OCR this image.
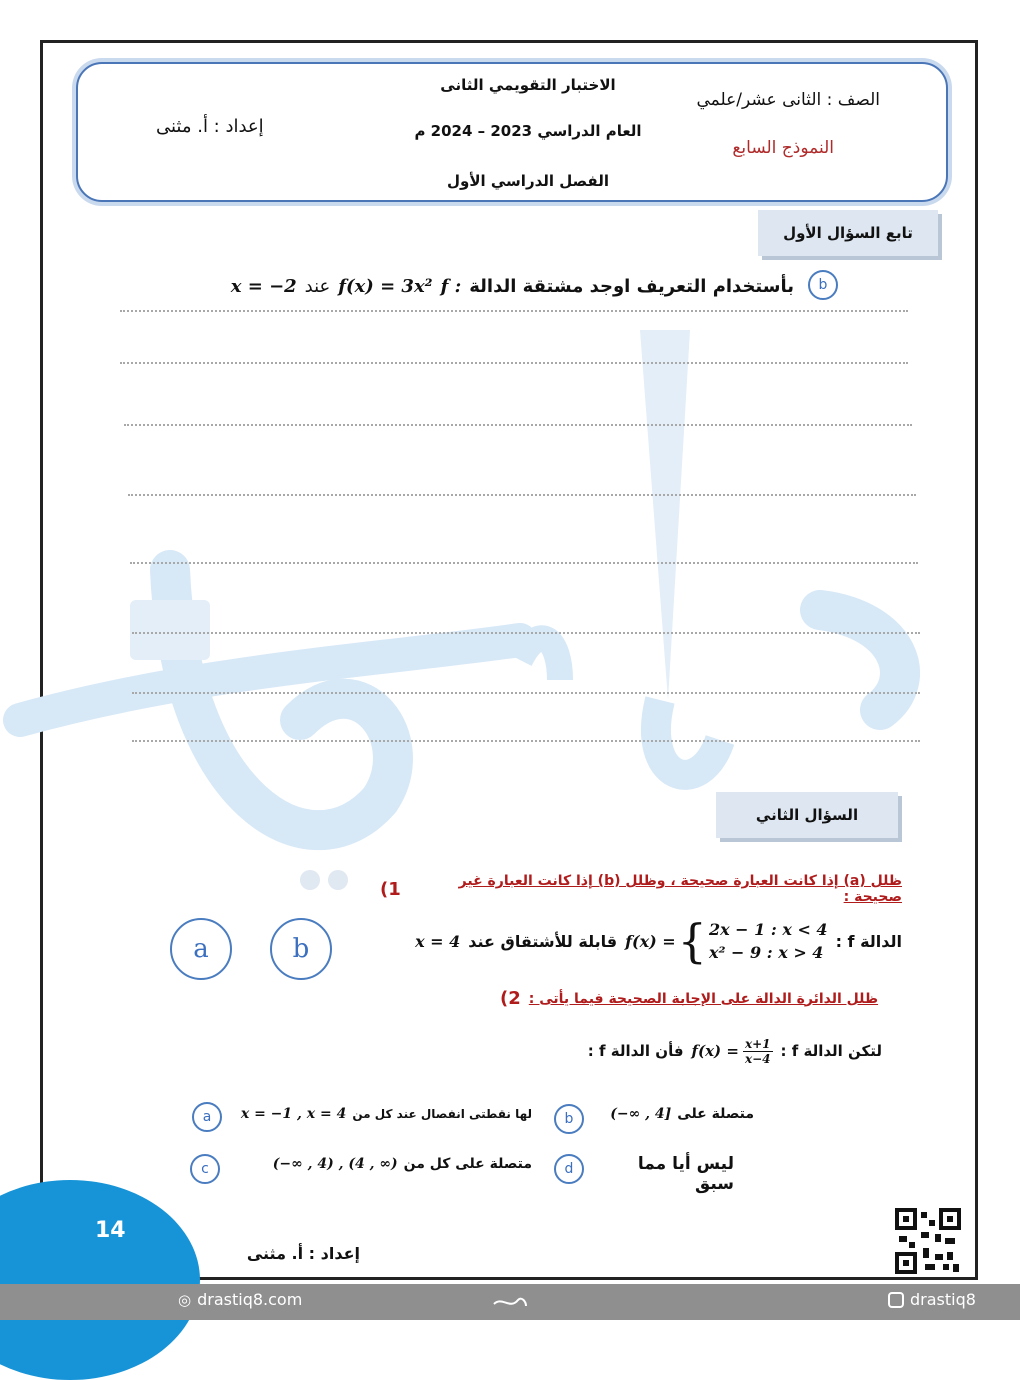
الاختبار التقويمي الثانى
العام الدراسي 2023 – 2024 م
الفصل الدراسي الأول
الصف : الثانى عشر/علمي
النموذج السابع
إعداد : أ. مثنى
تابع السؤال الأول
b
بأستخدام التعريف اوجد مشتقة الدالة
f :
f(x) = 3x²
عند
x = −2
السؤال الثاني
1)	ظلل (a) إذا كانت العبارة صحيحة ، وظلل (b) إذا كانت العبارة غير صحيحة :
a	b	الدالة f :
f(x) = { 2x − 1 : x < 4
x² − 9 : x > 4
قابلة للأشتقاق عند
x = 4
2) ظلل الدائرة الدالة على الإجابة الصحيحة فيما يأتى :
لتكن الدالة f :
$f(x) = \frac{x+1}{x-4}$
فأن الدالة f :
a	لها نقطتى انفصال عند كل من
x = −1 , x = 4	b	متصلة على
(−∞ , 4]
c	متصلة على كل من
(−∞ , 4) , (4 , ∞)	d	ليس أيا مما سبق
14
إعداد : أ. مثنى
◎ drastiq8.com	drastiq8
